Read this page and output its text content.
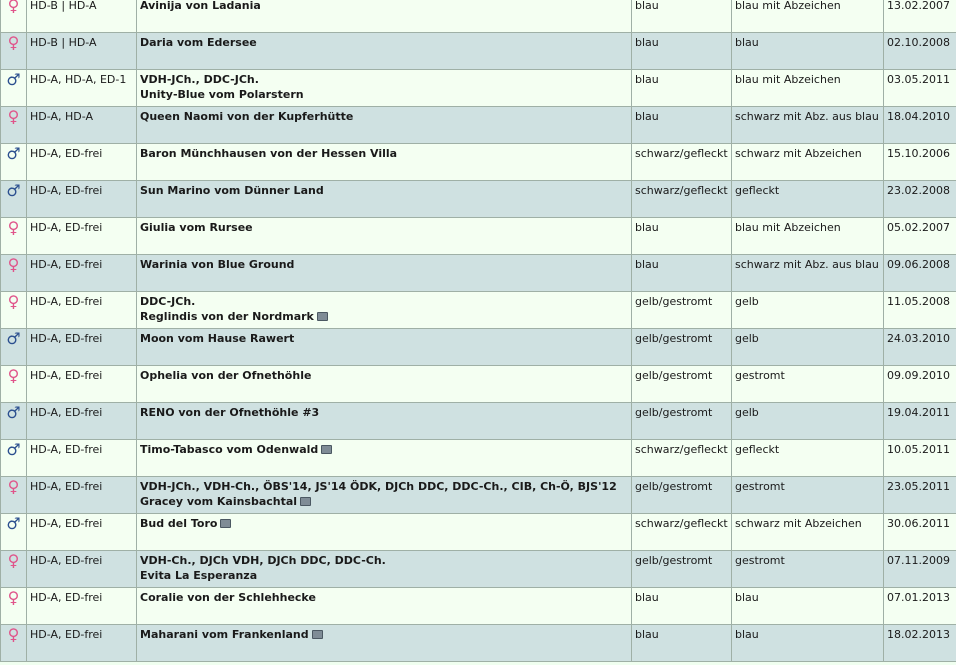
♀	HD-B | HD-A	Avinija von Ladania	blau	blau mit Abzeichen	13.02.2007
♀	HD-B | HD-A	Daria vom Edersee	blau	blau	02.10.2008
♂	HD-A, HD-A, ED-1	VDH-JCh., DDC-JCh.
Unity-Blue vom Polarstern	blau	blau mit Abzeichen	03.05.2011
♀	HD-A, HD-A	Queen Naomi von der Kupferhütte	blau	schwarz mit Abz. aus blau	18.04.2010
♂	HD-A, ED-frei	Baron Münchhausen von der Hessen Villa	schwarz/gefleckt	schwarz mit Abzeichen	15.10.2006
♂	HD-A, ED-frei	Sun Marino vom Dünner Land	schwarz/gefleckt	gefleckt	23.02.2008
♀	HD-A, ED-frei	Giulia vom Rursee	blau	blau mit Abzeichen	05.02.2007
♀	HD-A, ED-frei	Warinia von Blue Ground	blau	schwarz mit Abz. aus blau	09.06.2008
♀	HD-A, ED-frei	DDC-JCh.
Reglindis von der Nordmark	gelb/gestromt	gelb	11.05.2008
♂	HD-A, ED-frei	Moon vom Hause Rawert	gelb/gestromt	gelb	24.03.2010
♀	HD-A, ED-frei	Ophelia von der Ofnethöhle	gelb/gestromt	gestromt	09.09.2010
♂	HD-A, ED-frei	RENO von der Ofnethöhle #3	gelb/gestromt	gelb	19.04.2011
♂	HD-A, ED-frei	Timo-Tabasco vom Odenwald	schwarz/gefleckt	gefleckt	10.05.2011
♀	HD-A, ED-frei	VDH-JCh., VDH-Ch., ÖBS'14, JS'14 ÖDK, DJCh DDC, DDC-Ch., CIB, Ch-Ö, BJS'12
Gracey vom Kainsbachtal	gelb/gestromt	gestromt	23.05.2011
♂	HD-A, ED-frei	Bud del Toro	schwarz/gefleckt	schwarz mit Abzeichen	30.06.2011
♀	HD-A, ED-frei	VDH-Ch., DJCh VDH, DJCh DDC, DDC-Ch.
Evita La Esperanza	gelb/gestromt	gestromt	07.11.2009
♀	HD-A, ED-frei	Coralie von der Schlehhecke	blau	blau	07.01.2013
♀	HD-A, ED-frei	Maharani vom Frankenland	blau	blau	18.02.2013
